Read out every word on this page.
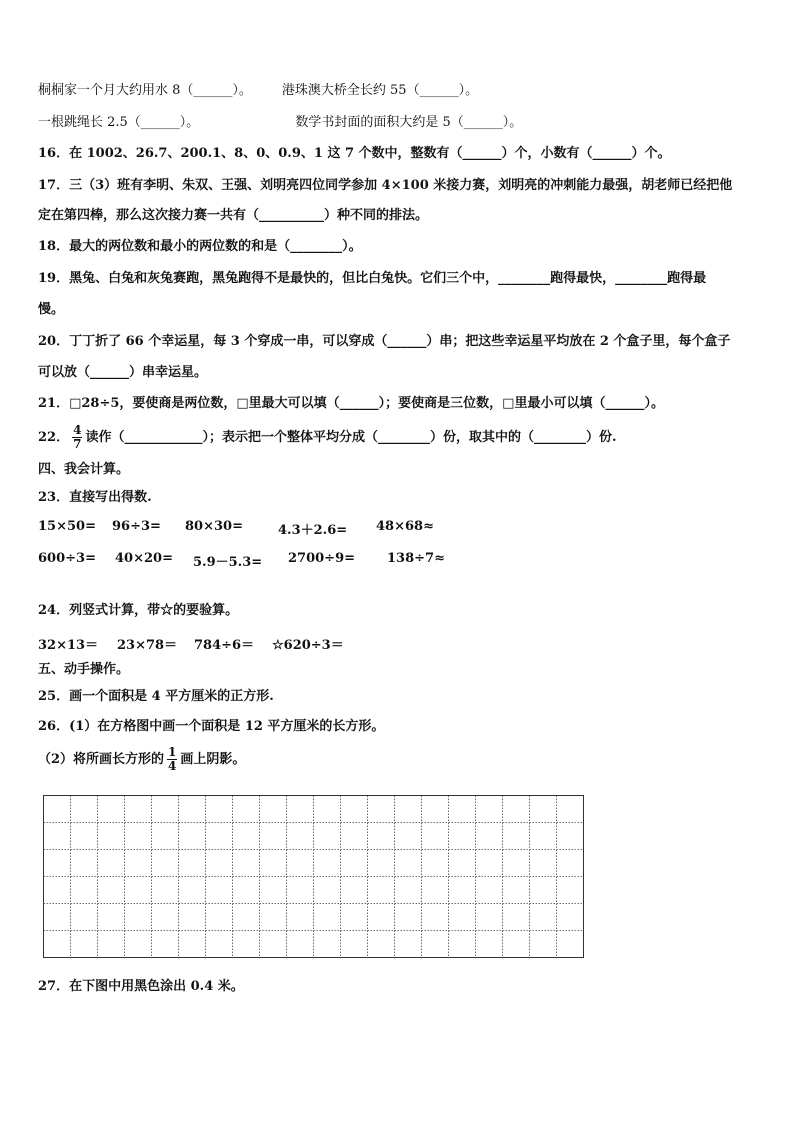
桐桐家一个月大约用水 8（______）。 港珠澳大桥全长约 55（______）。
一根跳绳长 2.5（______）。	数学书封面的面积大约是 5（______）。
16．在 1002、26.7、200.1、8、0、0.9、1 这 7 个数中，整数有（______）个，小数有（______）个。
17．三（3）班有李明、朱双、王强、刘明亮四位同学参加 4×100 米接力赛，刘明亮的冲刺能力最强，胡老师已经把他
定在第四棒，那么这次接力赛一共有（__________）种不同的排法。
18．最大的两位数和最小的两位数的和是（________）。
19．黑兔、白兔和灰兔赛跑，黑兔跑得不是最快的，但比白兔快。它们三个中，________跑得最快，________跑得最
慢。
20．丁丁折了 66 个幸运星，每 3 个穿成一串，可以穿成（______）串；把这些幸运星平均放在 2 个盒子里，每个盒子
可以放（______）串幸运星。
21．□28÷5，要使商是两位数，□里最大可以填（______）；要使商是三位数，□里最小可以填（______）。
22． $\frac{4}{7}$ 读作（____________）；表示把一个整体平均分成（________）份，取其中的（________）份.
四、我会计算。
23．直接写出得数.
15×50= 96÷3= 80×30=	4.3＋2.6= 48×68≈
600÷3= 40×20= 5.9－5.3= 2700÷9= 138÷7≈
24．列竖式计算，带☆的要验算。
32×13＝ 23×78＝ 784÷6＝ ☆620÷3＝
五、动手操作。
25．画一个面积是 4 平方厘米的正方形.
26．(1）在方格图中画一个面积是 12 平方厘米的长方形。
（2）将所画长方形的 $\frac{1}{4}$ 画上阴影。
27．在下图中用黑色涂出 0.4 米。
